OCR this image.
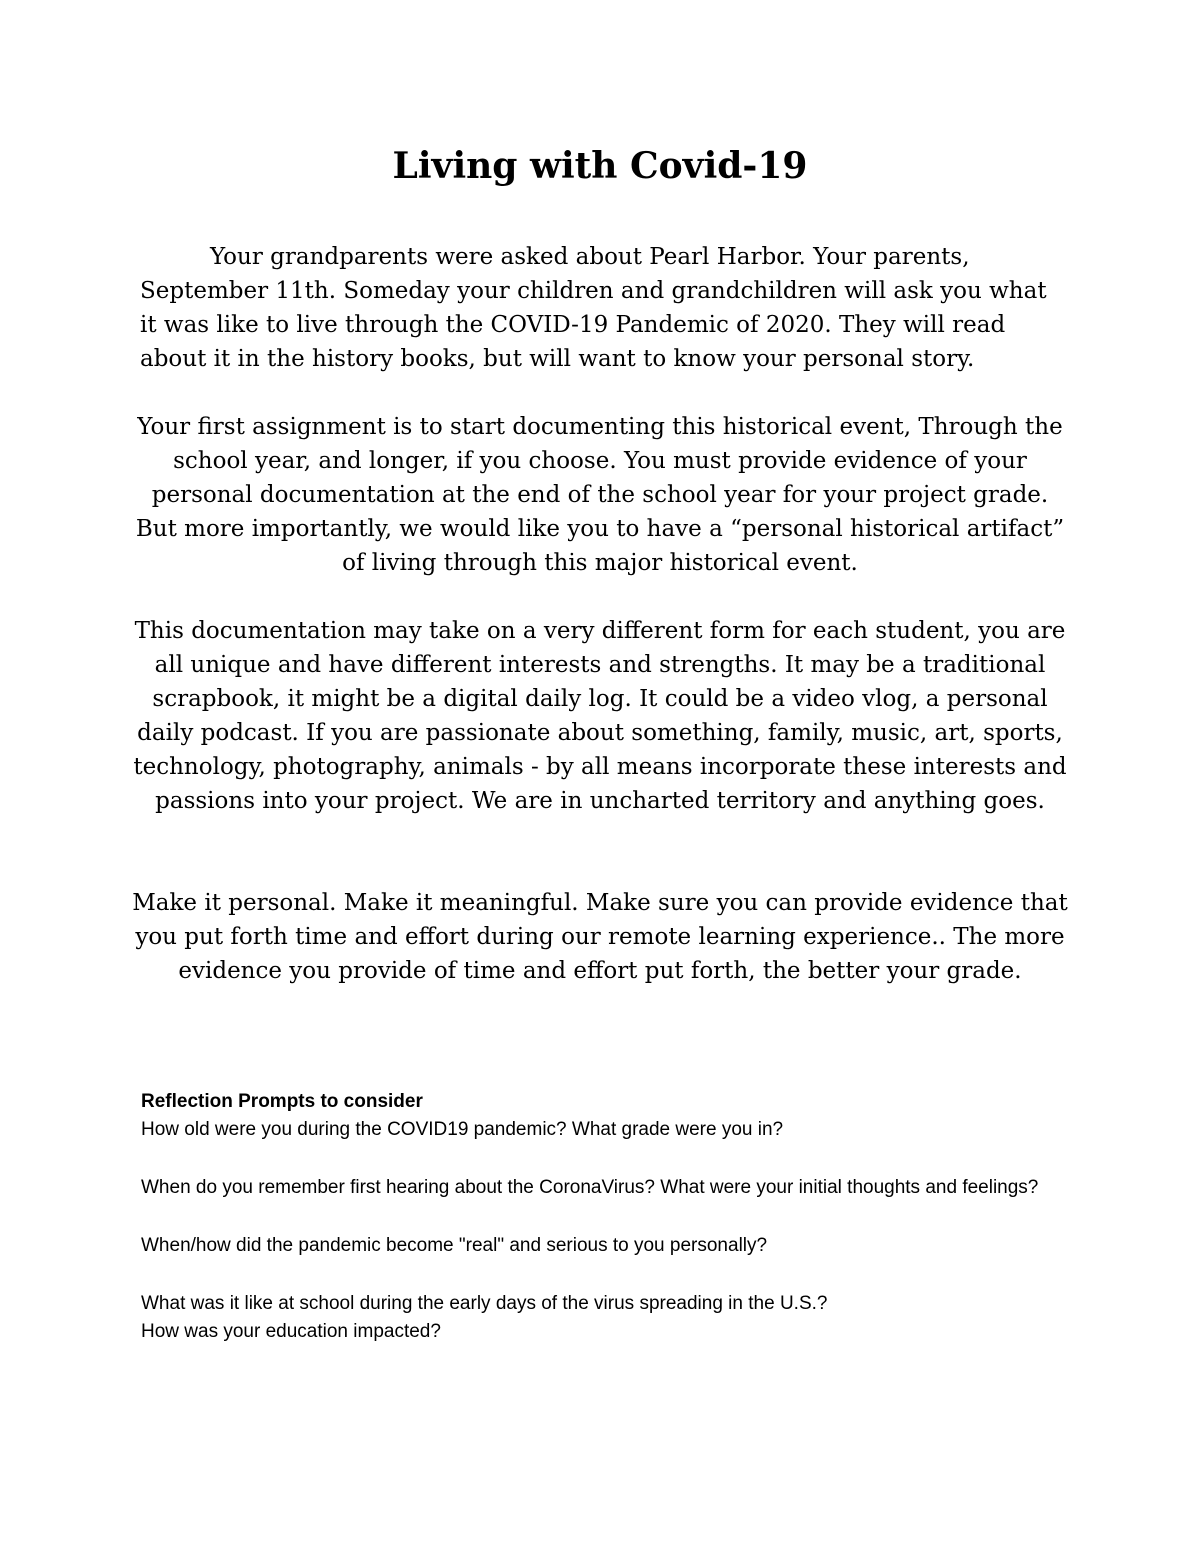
Living with Covid-19
Your grandparents were asked about Pearl Harbor. Your parents,
September 11th. Someday your children and grandchildren will ask you what it was like to live through the COVID-19 Pandemic of 2020. They will read about it in the history books, but will want to know your personal story.

Your first assignment is to start documenting this historical event, Through the school year, and longer, if you choose. You must provide evidence of your personal documentation at the end of the school year for your project grade. But more importantly, we would like you to have a “personal historical artifact” of living through this major historical event.

This documentation may take on a very different form for each student, you are all unique and have different interests and strengths. It may be a traditional scrapbook, it might be a digital daily log. It could be a video vlog, a personal daily podcast. If you are passionate about something, family, music, art, sports, technology, photography, animals - by all means incorporate these interests and passions into your project. We are in uncharted territory and anything goes.

Make it personal. Make it meaningful. Make sure you can provide evidence that you put forth time and effort during our remote learning experience.. The more evidence you provide of time and effort put forth, the better your grade.

Reflection Prompts to consider

How old were you during the COVID19 pandemic? What grade were you in?

When do you remember first hearing about the CoronaVirus? What were your initial thoughts and feelings?

When/how did the pandemic become "real" and serious to you personally?

What was it like at school during the early days of the virus spreading in the U.S.?
How was your education impacted?
